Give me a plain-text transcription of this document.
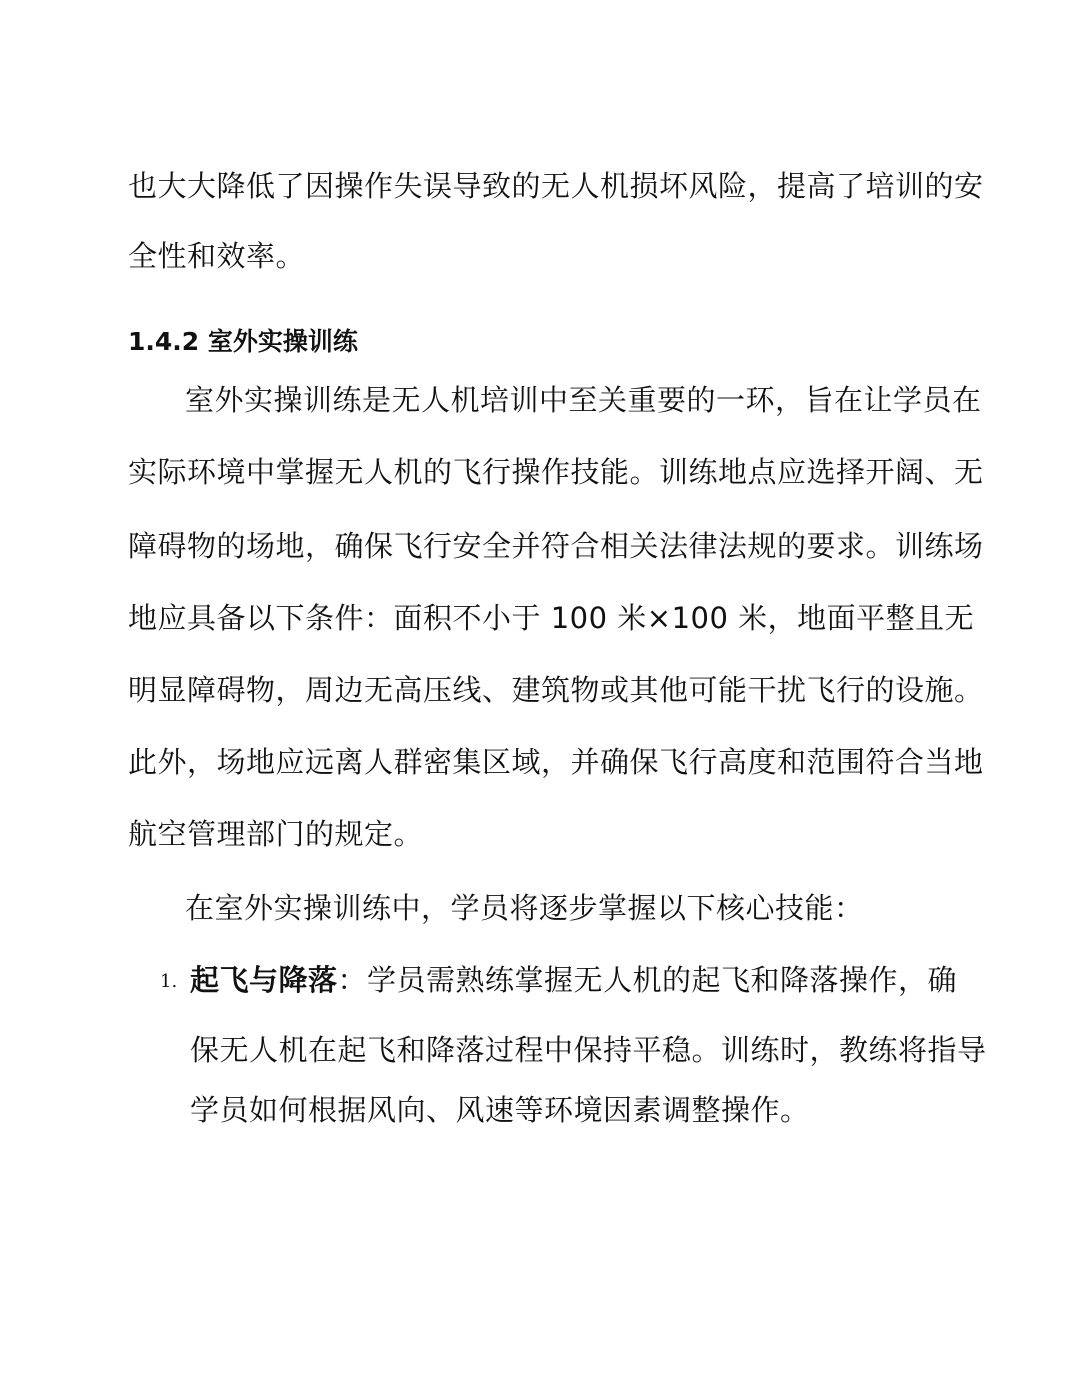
也大大降低了因操作失误导致的无人机损坏风险，提高了培训的安
全性和效率。
1.4.2 室外实操训练
室外实操训练是无人机培训中至关重要的一环，旨在让学员在
实际环境中掌握无人机的飞行操作技能。训练地点应选择开阔、无
障碍物的场地，确保飞行安全并符合相关法律法规的要求。训练场
地应具备以下条件：面积不小于 100 米×100 米，地面平整且无
明显障碍物，周边无高压线、建筑物或其他可能干扰飞行的设施。
此外，场地应远离人群密集区域，并确保飞行高度和范围符合当地
航空管理部门的规定。
在室外实操训练中，学员将逐步掌握以下核心技能：
1. 起飞与降落：学员需熟练掌握无人机的起飞和降落操作，确
保无人机在起飞和降落过程中保持平稳。训练时，教练将指导
学员如何根据风向、风速等环境因素调整操作。
